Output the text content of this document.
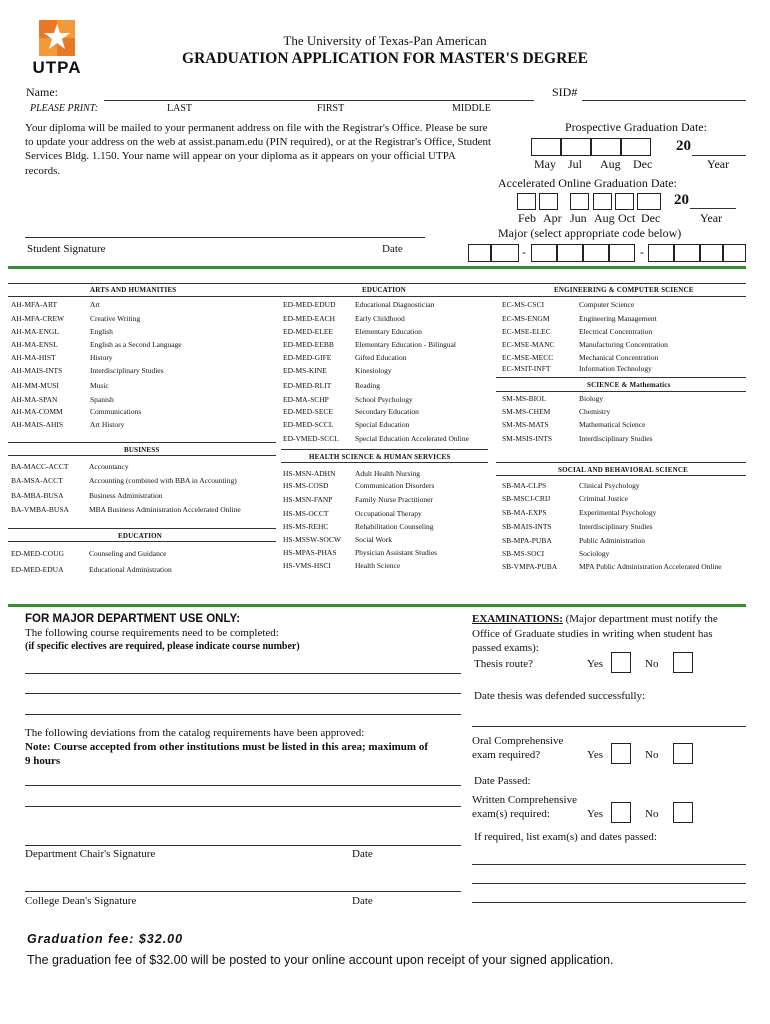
UTPA
The University of Texas-Pan American
GRADUATION APPLICATION FOR MASTER'S DEGREE
Name:	SID#
PLEASE PRINT:	LAST	FIRST	MIDDLE
Your diploma will be mailed to your permanent address on file with the Registrar's Office. Please be sure
to update your address on the web at assist.panam.edu (PIN required), or at the Registrar's Office, Student
Services Bldg. 1.150. Your name will appear on your diploma as it appears on your official UTPA
records.
Prospective Graduation Date:
20
May Jul Aug Dec	Year
Accelerated Online Graduation Date:
20
Feb Apr Jun Aug Oct Dec	Year
Major (select appropriate code below)
-	-
Student Signature	Date
ARTS AND HUMANITIES
AH-MFA-ART	Art
AH-MFA-CREW	Creative Writing
AH-MA-ENGL	English
AH-MA-ENSL	English as a Second Language
AH-MA-HIST	History
AH-MAIS-INTS	Interdisciplinary Studies
AH-MM-MUSI	Music
AH-MA-SPAN	Spanish
AH-MA-COMM	Communications
AH-MAIS-AHIS	Art History
BUSINESS
BA-MACC-ACCT	Accountancy
BA-MSA-ACCT	Accounting (combined with BBA in Accounting)
BA-MBA-BUSA	Business Administration
BA-VMBA-BUSA	MBA Business Administration Accelerated Online
EDUCATION
ED-MED-COUG	Counseling and Guidance
ED-MED-EDUA	Educational Administration
EDUCATION
ED-MED-EDUD	Educational Diagnostician
ED-MED-EACH	Early Childhood
ED-MED-ELEE	Elementary Education
ED-MED-EEBB	Elementary Education - Bilingual
ED-MED-GIFE	Gifted Education
ED-MS-KINE	Kinesiology
ED-MED-RLIT	Reading
ED-MA-SCHP	School Psychology
ED-MED-SECE	Secondary Education
ED-MED-SCCL	Special Education
ED-VMED-SCCL Special Education Accelerated Online
HEALTH SCIENCE & HUMAN SERVICES
HS-MSN-ADHN	Adult Health Nursing
HS-MS-COSD	Communication Disorders
HS-MSN-FANP	Family Nurse Practitioner
HS-MS-OCCT	Occupational Therapy
HS-MS-REHC	Rehabilitation Counseling
HS-MSSW-SOCW Social Work
HS-MPAS-PHAS Physician Assistant Studies
HS-VMS-HSCI	Health Science
ENGINEERING & COMPUTER SCIENCE
EC-MS-CSCI	Computer Science
EC-MS-ENGM	Engineering Management
EC-MSE-ELEC	Electrical Concentration
EC-MSE-MANC	Manufacturing Concentration
EC-MSE-MECC	Mechanical Concentration
EC-MSIT-INFT	Information Technology
SCIENCE & Mathematics
SM-MS-BIOL	Biology
SM-MS-CHEM	Chemistry
SM-MS-MATS	Mathematical Science
SM-MSIS-INTS	Interdisciplinary Studies
SOCIAL AND BEHAVIORAL SCIENCE
SB-MA-CLPS	Clinical Psychology
SB-MSCJ-CRIJ	Criminal Justice
SB-MA-EXPS	Experimental Psychology
SB-MAIS-INTS	Interdisciplinary Studies
SB-MPA-PUBA	Public Administration
SB-MS-SOCI	Sociology
SB-VMPA-PUBA	MPA Public Administration Accelerated Online
FOR MAJOR DEPARTMENT USE ONLY:
The following course requirements need to be completed:
(if specific electives are required, please indicate course number)
The following deviations from the catalog requirements have been approved:
Note: Course accepted from other institutions must be listed in this area; maximum of
9 hours
Department Chair's Signature	Date
College Dean's Signature	Date
EXAMINATIONS: (Major department must notify the
Office of Graduate studies in writing when student has
passed exams):
Thesis route?	Yes	No
Date thesis was defended successfully:
Oral Comprehensive
exam required?	Yes	No
Date Passed:
Written Comprehensive
exam(s) required:	Yes	No
If required, list exam(s) and dates passed:
Graduation fee: $32.00
The graduation fee of $32.00 will be posted to your online account upon receipt of your signed application.
